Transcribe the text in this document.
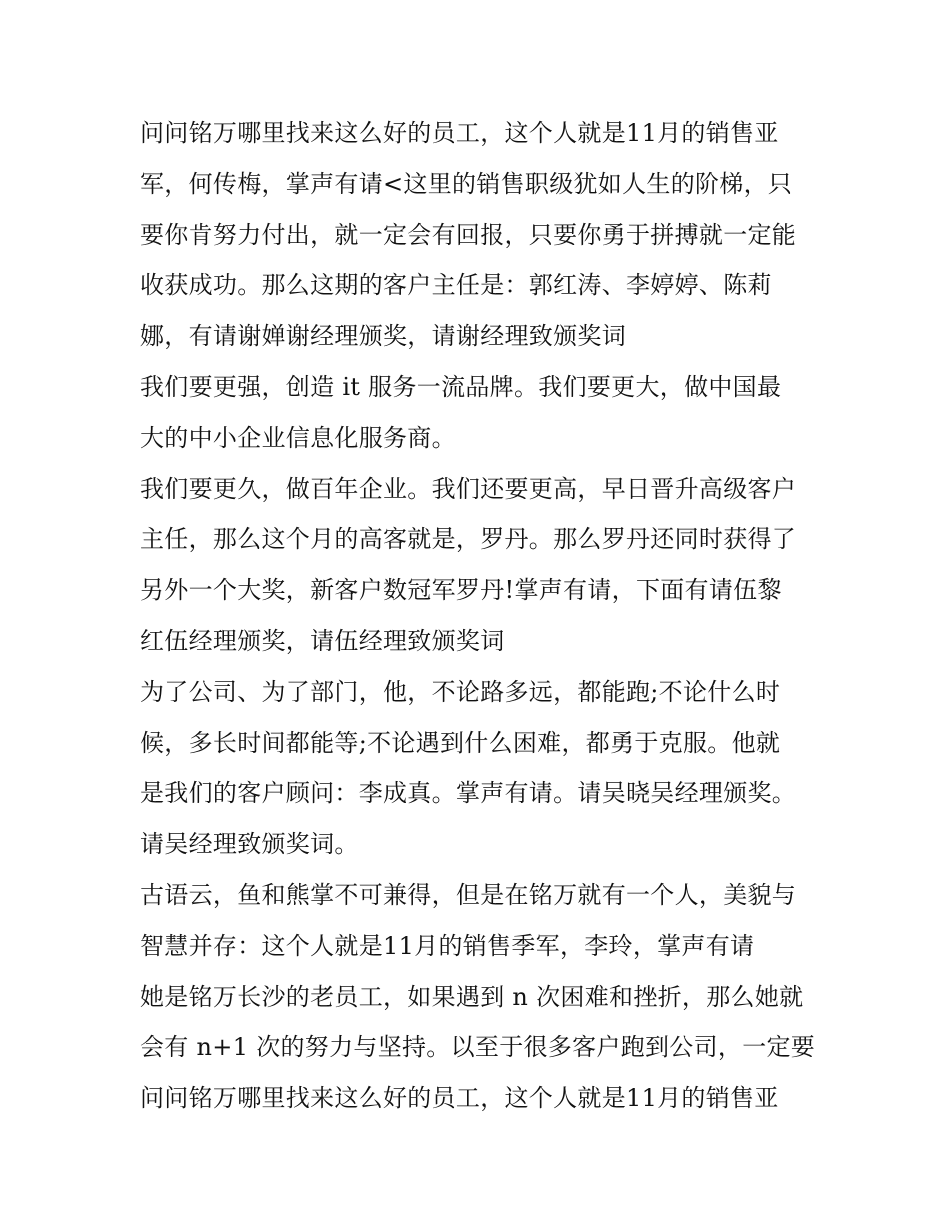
问问铭万哪里找来这么好的员工，这个人就是11月的销售亚
军，何传梅，掌声有请<这里的销售职级犹如人生的阶梯，只
要你肯努力付出，就一定会有回报，只要你勇于拼搏就一定能
收获成功。那么这期的客户主任是：郭红涛、李婷婷、陈莉
娜，有请谢婵谢经理颁奖，请谢经理致颁奖词
我们要更强，创造 it 服务一流品牌。我们要更大，做中国最
大的中小企业信息化服务商。
我们要更久，做百年企业。我们还要更高，早日晋升高级客户
主任，那么这个月的高客就是，罗丹。那么罗丹还同时获得了
另外一个大奖，新客户数冠军罗丹!掌声有请，下面有请伍黎
红伍经理颁奖，请伍经理致颁奖词
为了公司、为了部门，他，不论路多远，都能跑;不论什么时
候，多长时间都能等;不论遇到什么困难，都勇于克服。他就
是我们的客户顾问：李成真。掌声有请。请吴晓吴经理颁奖。
请吴经理致颁奖词。
古语云，鱼和熊掌不可兼得，但是在铭万就有一个人，美貌与
智慧并存：这个人就是11月的销售季军，李玲，掌声有请
她是铭万长沙的老员工，如果遇到 n 次困难和挫折，那么她就
会有 n+1 次的努力与坚持。以至于很多客户跑到公司，一定要
问问铭万哪里找来这么好的员工，这个人就是11月的销售亚
